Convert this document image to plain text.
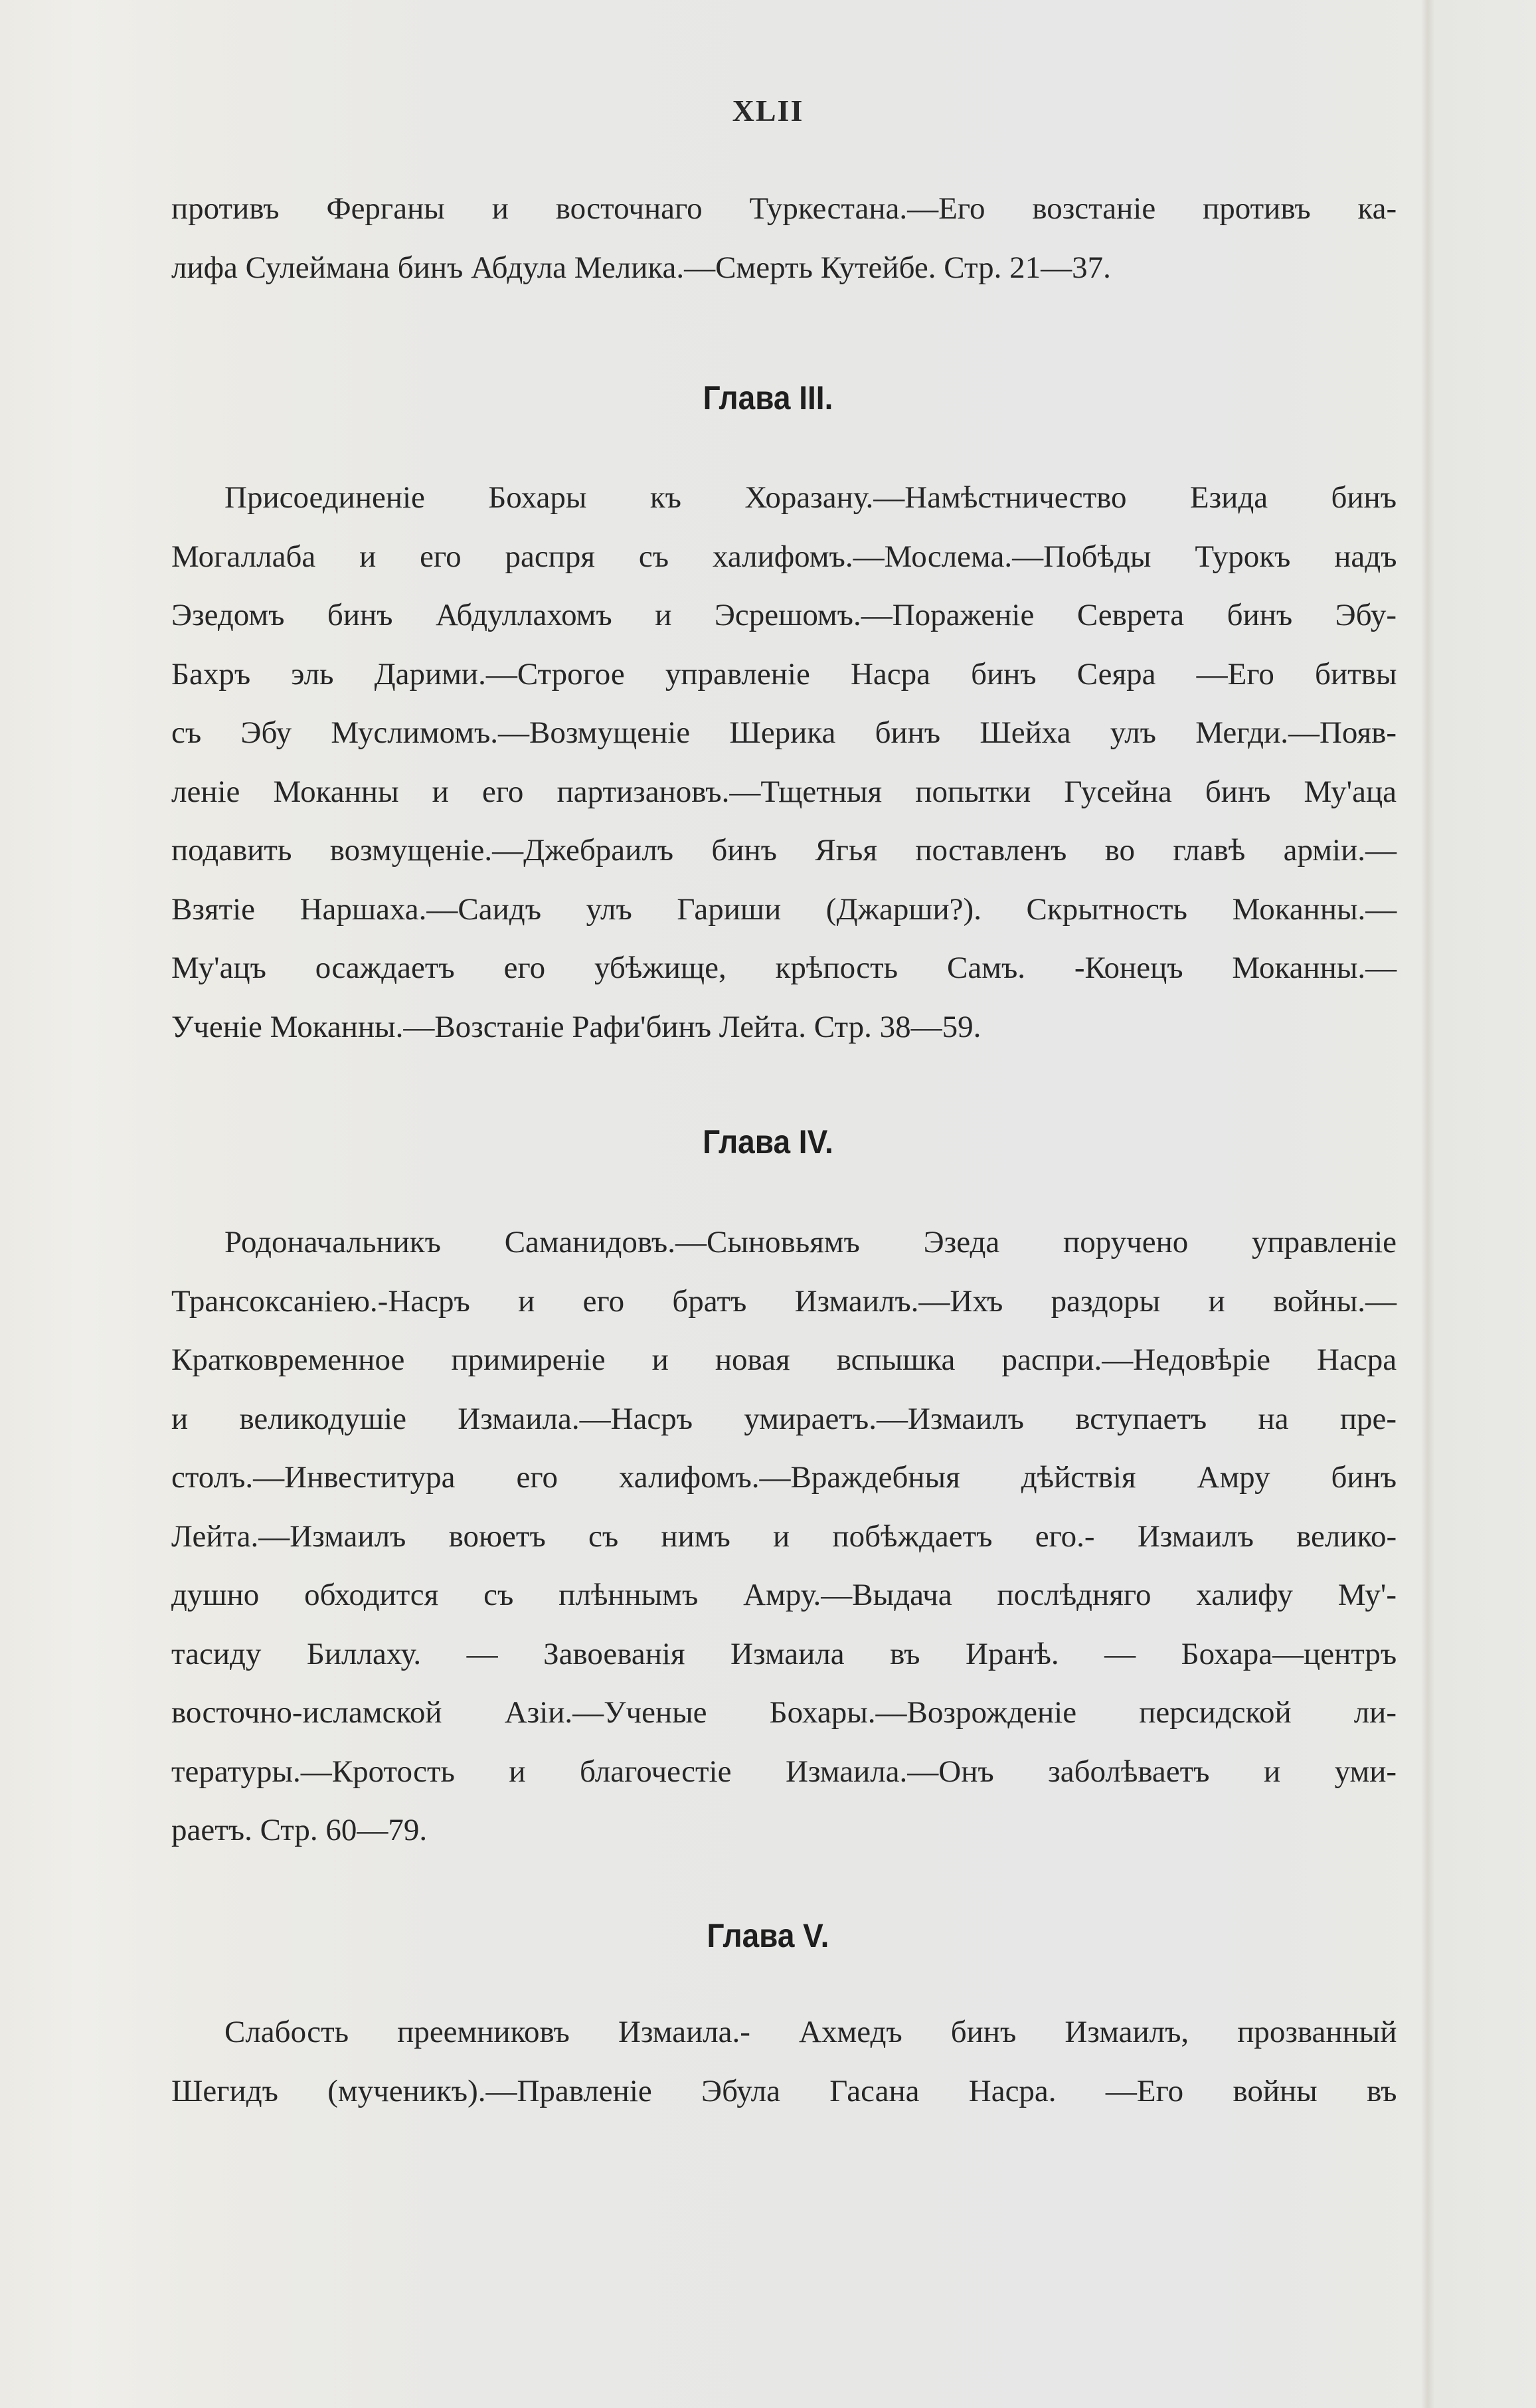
XLII
противъ Ферганы и восточнаго Туркестана.—Его возстаніе противъ ка-
лифа Сулеймана бинъ Абдула Мелика.—Смерть Кутейбе. Стр. 21—37.
Глава III.
Присоединеніе Бохары къ Хоразану.—Намѣстничество Езида бинъ
Могаллаба и его распря съ халифомъ.—Мослема.—Побѣды Турокъ надъ
Эзедомъ бинъ Абдуллахомъ и Эсрешомъ.—Пораженіе Севрета бинъ Эбу-
Бахръ эль Дарими.—Строгое управленіе Насра бинъ Сеяра —Его битвы
съ Эбу Муслимомъ.—Возмущеніе Шерика бинъ Шейха улъ Мегди.—Появ-
леніе Моканны и его партизановъ.—Тщетныя попытки Гусейна бинъ Му'аца
подавить возмущеніе.—Джебраилъ бинъ Ягья поставленъ во главѣ арміи.—
Взятіе Наршаха.—Саидъ улъ Гариши (Джарши?). Скрытность Моканны.—
Му'ацъ осаждаетъ его убѣжище, крѣпость Самъ. -Конецъ Моканны.—
Ученіе Моканны.—Возстаніе Рафи'бинъ Лейта. Стр. 38—59.
Глава IV.
Родоначальникъ Саманидовъ.—Сыновьямъ Эзеда поручено управленіе
Трансоксаніею.-Насръ и его братъ Измаилъ.—Ихъ раздоры и войны.—
Кратковременное примиреніе и новая вспышка распри.—Недовѣріе Насра
и великодушіе Измаила.—Насръ умираетъ.—Измаилъ вступаетъ на пре-
столъ.—Инвеститура его халифомъ.—Враждебныя дѣйствія Амру бинъ
Лейта.—Измаилъ воюетъ съ нимъ и побѣждаетъ его.- Измаилъ велико-
душно обходится съ плѣннымъ Амру.—Выдача послѣдняго халифу Му'-
тасиду Биллаху. — Завоеванія Измаила въ Иранѣ. — Бохара—центръ
восточно-исламской Азіи.—Ученые Бохары.—Возрожденіе персидской ли-
тературы.—Кротость и благочестіе Измаила.—Онъ заболѣваетъ и уми-
раетъ. Стр. 60—79.
Глава V.
Слабость преемниковъ Измаила.- Ахмедъ бинъ Измаилъ, прозванный
Шегидъ (мученикъ).—Правленіе Эбула Гасана Насра. —Его войны въ
